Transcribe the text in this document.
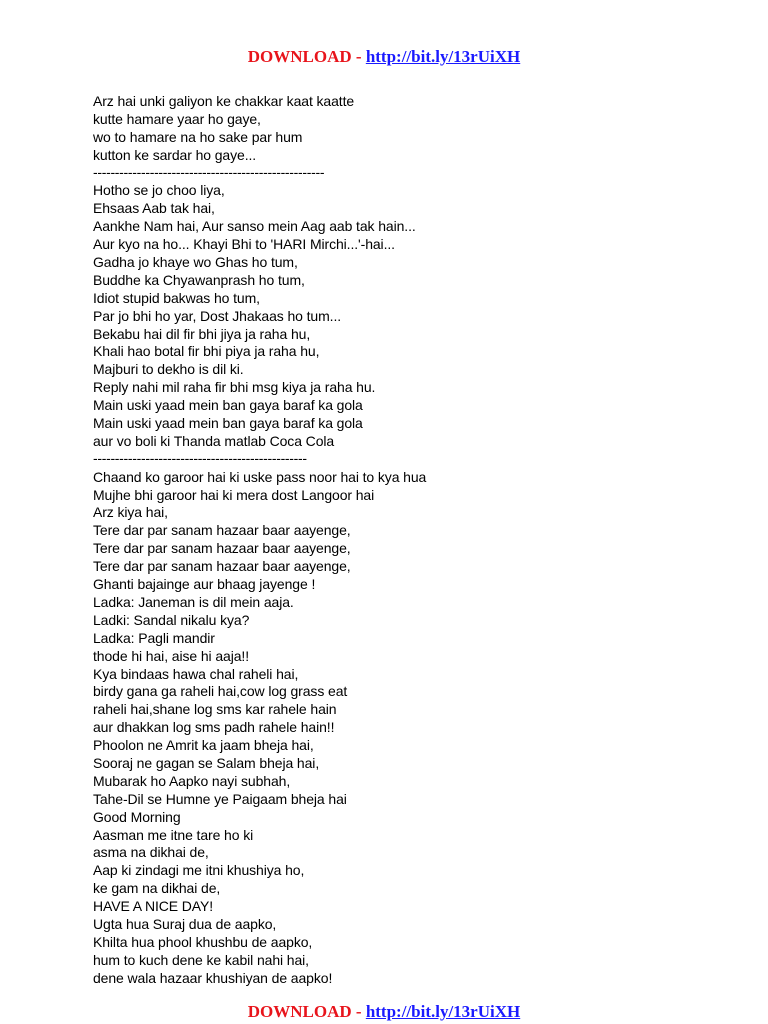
DOWNLOAD - http://bit.ly/13rUiXH
Arz hai unki galiyon ke chakkar kaat kaatte
kutte hamare yaar ho gaye,
wo to hamare na ho sake par hum
kutton ke sardar ho gaye...
-----------------------------------------------------
Hotho se jo choo liya,
Ehsaas Aab tak hai,
Aankhe Nam hai, Aur sanso mein Aag aab tak hain...
Aur kyo na ho... Khayi Bhi to 'HARI Mirchi...'-hai...
Gadha jo khaye wo Ghas ho tum,
Buddhe ka Chyawanprash ho tum,
Idiot stupid bakwas ho tum,
Par jo bhi ho yar, Dost Jhakaas ho tum...
Bekabu hai dil fir bhi jiya ja raha hu,
Khali hao botal fir bhi piya ja raha hu,
Majburi to dekho is dil ki.
Reply nahi mil raha fir bhi msg kiya ja raha hu.
Main uski yaad mein ban gaya baraf ka gola
Main uski yaad mein ban gaya baraf ka gola
aur vo boli ki Thanda matlab Coca Cola
-------------------------------------------------
Chaand ko garoor hai ki uske pass noor hai to kya hua
Mujhe bhi garoor hai ki mera dost Langoor hai
Arz kiya hai,
Tere dar par sanam hazaar baar aayenge,
Tere dar par sanam hazaar baar aayenge,
Tere dar par sanam hazaar baar aayenge,
Ghanti bajainge aur bhaag jayenge !
Ladka: Janeman is dil mein aaja.
Ladki: Sandal nikalu kya?
Ladka: Pagli mandir
thode hi hai, aise hi aaja!!
Kya bindaas hawa chal raheli hai,
birdy gana ga raheli hai,cow log grass eat
raheli hai,shane log sms kar rahele hain
aur dhakkan log sms padh rahele hain!!
Phoolon ne Amrit ka jaam bheja hai,
Sooraj ne gagan se Salam bheja hai,
Mubarak ho Aapko nayi subhah,
Tahe-Dil se Humne ye Paigaam bheja hai
Good Morning
Aasman me itne tare ho ki
asma na dikhai de,
Aap ki zindagi me itni khushiya ho,
ke gam na dikhai de,
HAVE A NICE DAY!
Ugta hua Suraj dua de aapko,
Khilta hua phool khushbu de aapko,
hum to kuch dene ke kabil nahi hai,
dene wala hazaar khushiyan de aapko!
DOWNLOAD - http://bit.ly/13rUiXH
